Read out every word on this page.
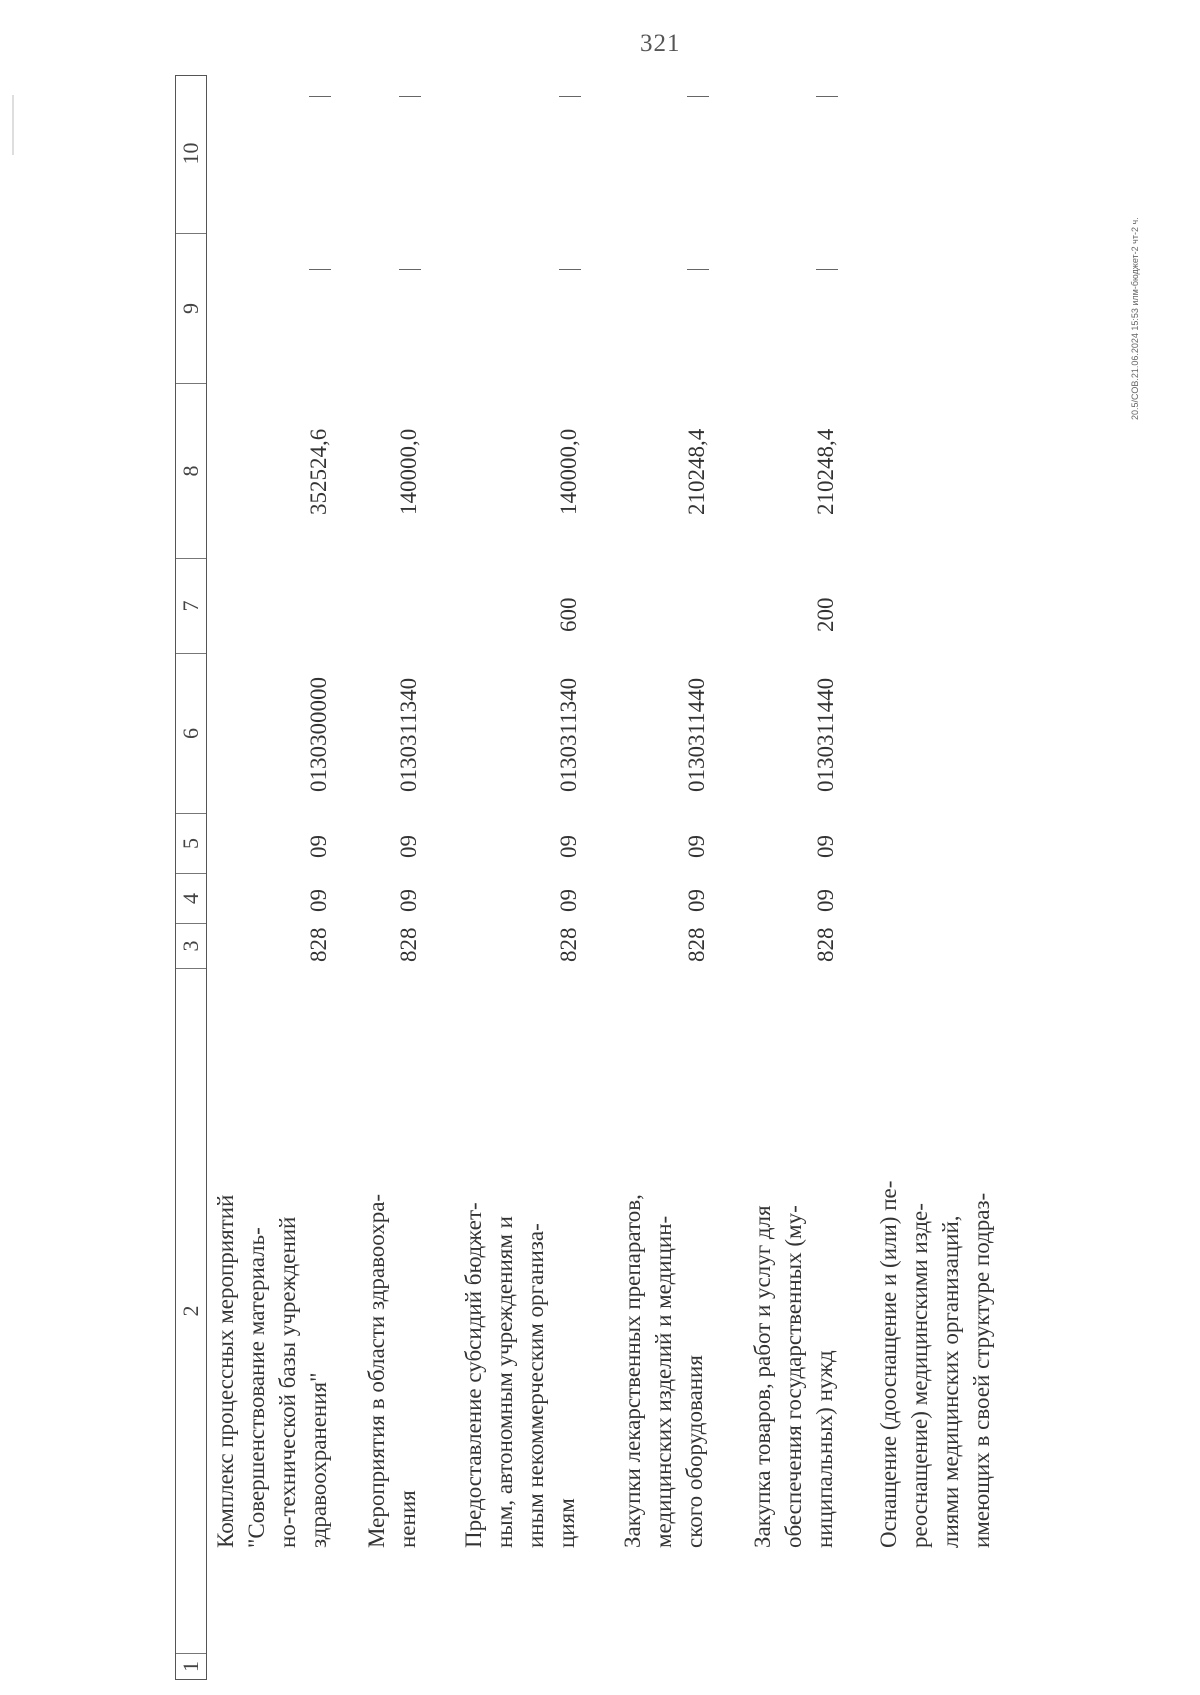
321
20.5/СОВ.21.06.2024 15:53 илм-бюджет-2 чт-2 ч.
1
2
3
4
5
6
7
8
9
10
Комплекс процессных мероприятий "Совершенствование материаль- но-технической базы учреждений здравоохранения"
828
09
09
0130300000
352524,6
Мероприятия в области здравоохра- нения
828
09
09
0130311340
140000,0
Предоставление субсидий бюджет- ным, автономным учреждениям и иным некоммерческим организа- циям
828
09
09
0130311340
600
140000,0
Закупки лекарственных препаратов, медицинских изделий и медицин- ского оборудования
828
09
09
0130311440
210248,4
Закупка товаров, работ и услуг для обеспечения государственных (му- ниципальных) нужд
828
09
09
0130311440
200
210248,4
Оснащение (дооснащение и (или) пе- реоснащение) медицинскими изде- лиями медицинских организаций, имеющих в своей структуре подраз-
